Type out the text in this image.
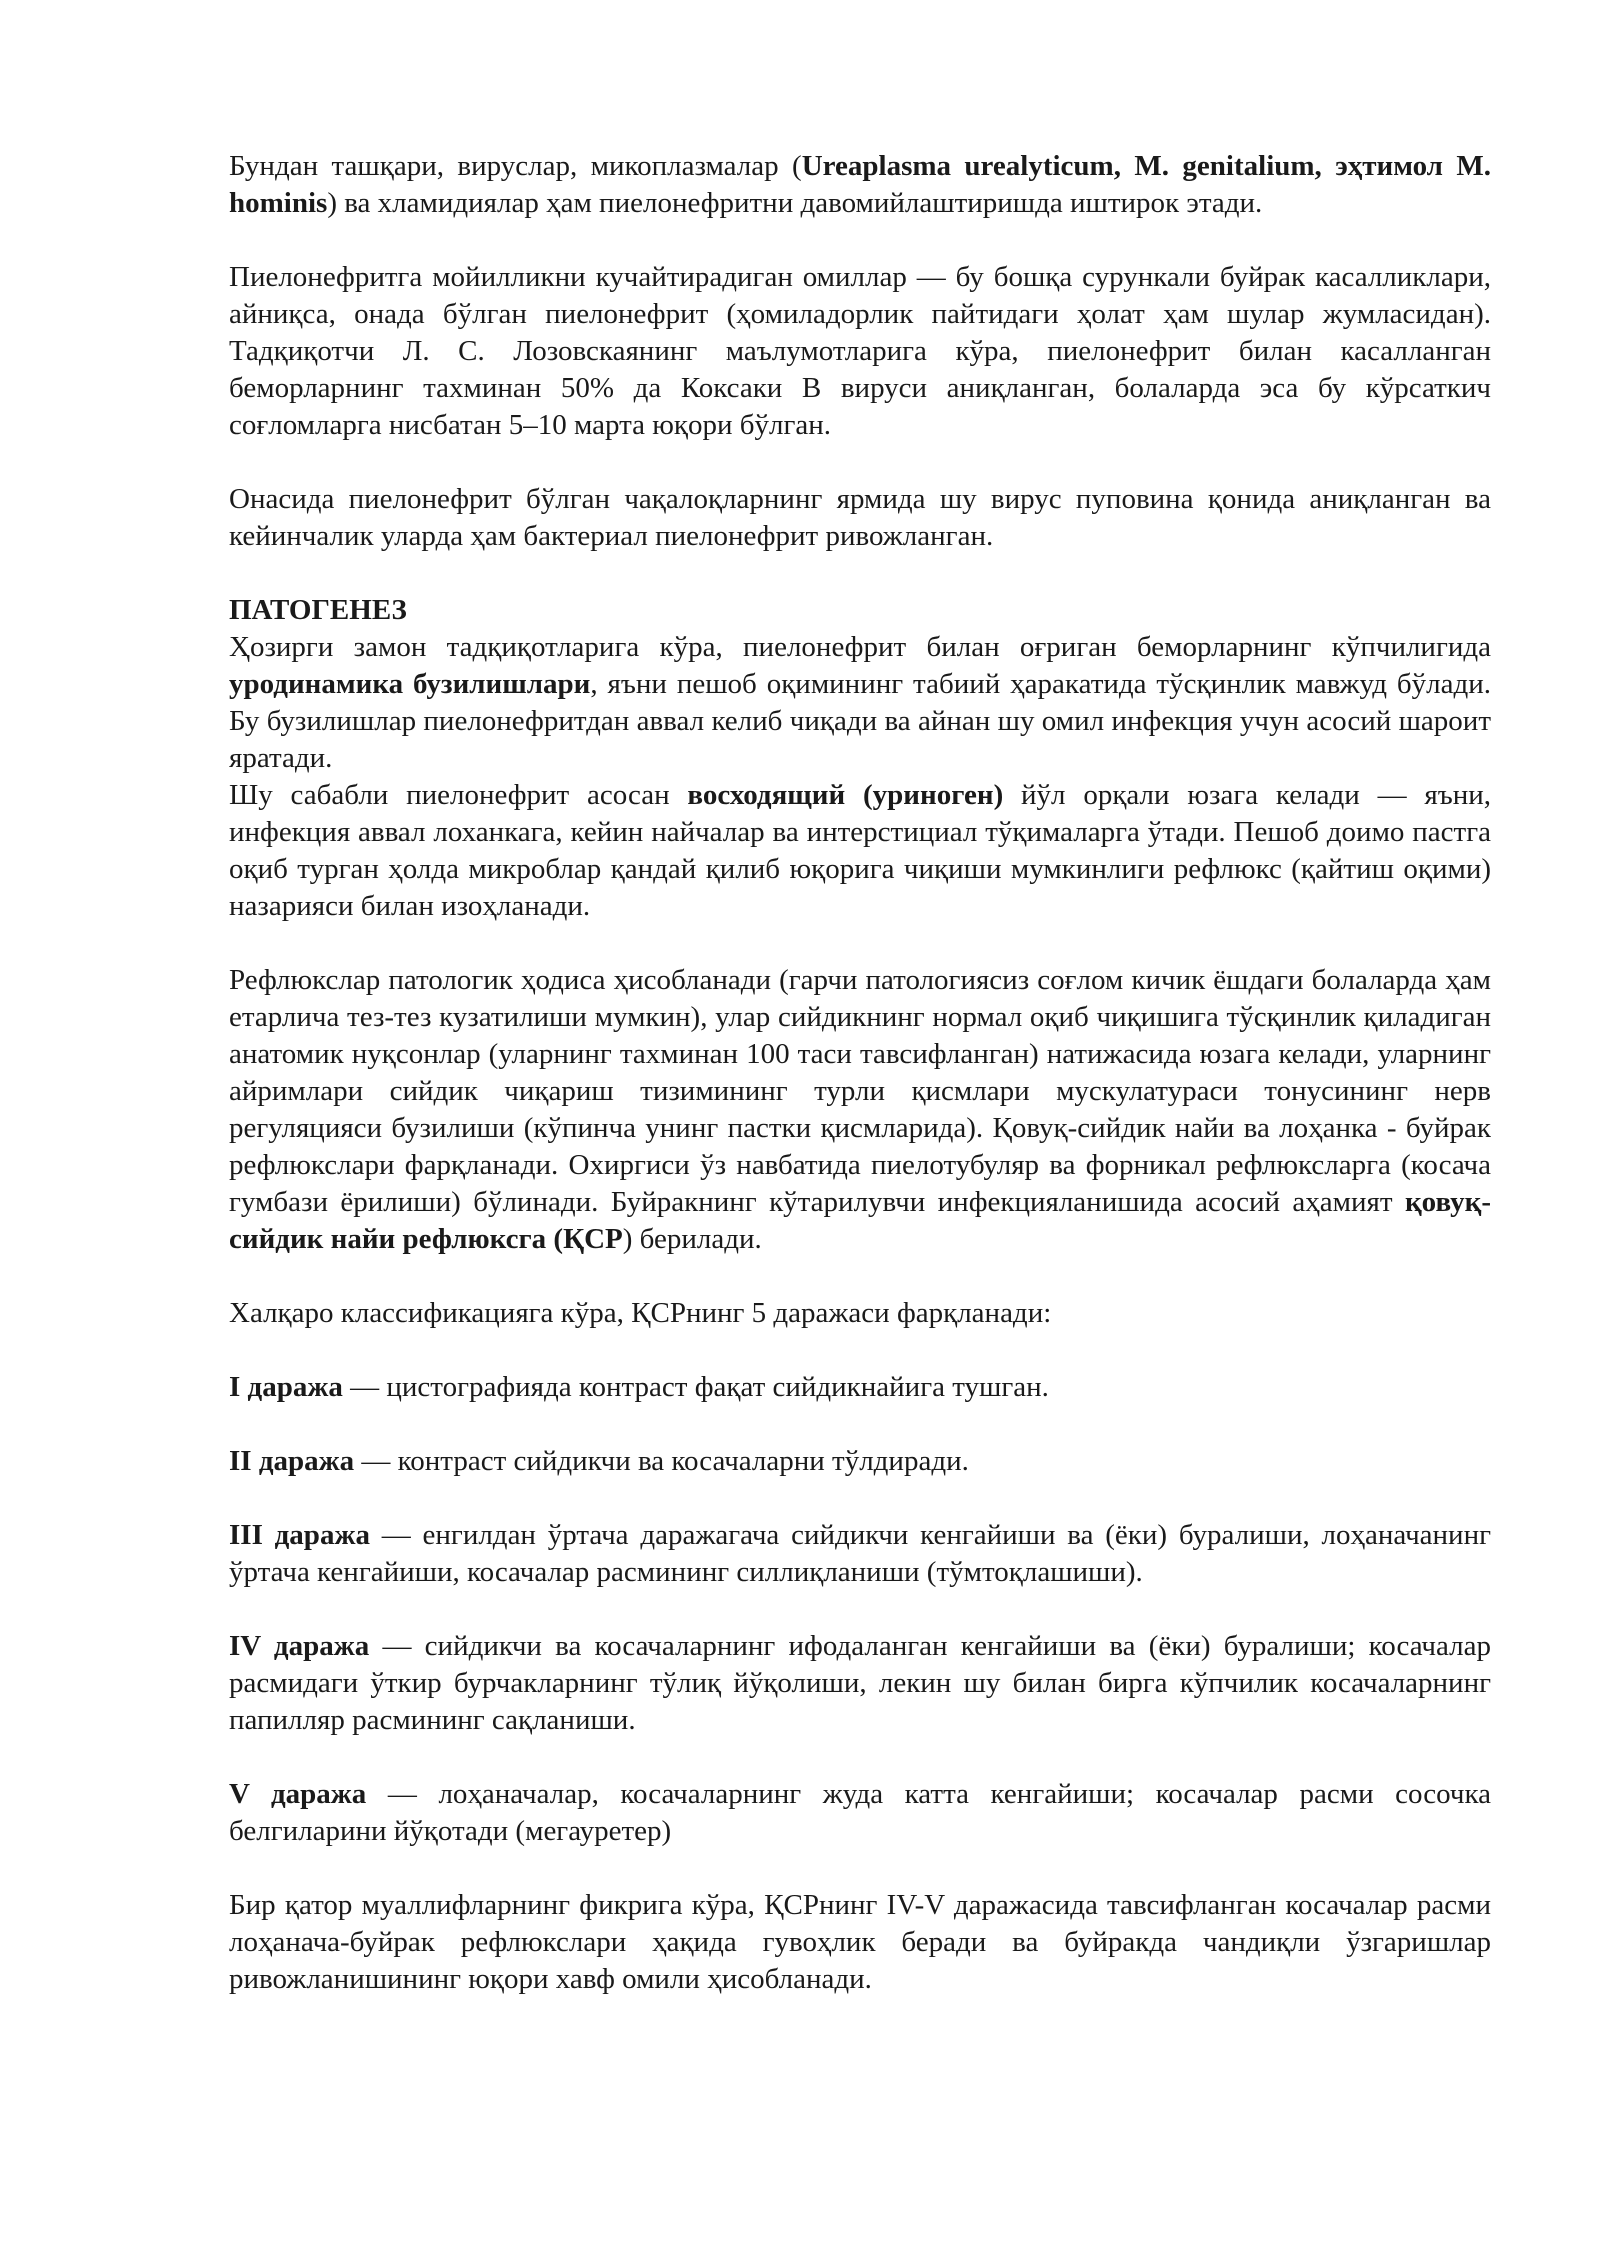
Бундан ташқари, вируслар, микоплазмалар (Ureaplasma urealyticum, M. genitalium, эҳтимол M. hominis) ва хламидиялар ҳам пиелонефритни давомийлаштиришда иштирок этади.

Пиелонефритга мойилликни кучайтирадиган омиллар — бу бошқа сурункали буйрак касалликлари, айниқса, онада бўлган пиелонефрит (ҳомиладорлик пайтидаги ҳолат ҳам шулар жумласидан). Тадқиқотчи Л. С. Лозовскаянинг маълумотларига кўра, пиелонефрит билан касалланган беморларнинг тахминан 50% да Коксаки B вируси аниқланган, болаларда эса бу кўрсаткич соғломларга нисбатан 5–10 марта юқори бўлган.

Онасида пиелонефрит бўлган чақалоқларнинг ярмида шу вирус пуповина қонида аниқланган ва кейинчалик уларда ҳам бактериал пиелонефрит ривожланган.

ПАТОГЕНЕЗ

Ҳозирги замон тадқиқотларига кўра, пиелонефрит билан оғриган беморларнинг кўпчилигида уродинамика бузилишлари, яъни пешоб оқимининг табиий ҳаракатида тўсқинлик мавжуд бўлади. Бу бузилишлар пиелонефритдан аввал келиб чиқади ва айнан шу омил инфекция учун асосий шароит яратади.

Шу сабабли пиелонефрит асосан восходящий (уриноген) йўл орқали юзага келади — яъни, инфекция аввал лоханкага, кейин найчалар ва интерстициал тўқималарга ўтади. Пешоб доимо пастга оқиб турган ҳолда микроблар қандай қилиб юқорига чиқиши мумкинлиги рефлюкс (қайтиш оқими) назарияси билан изоҳланади.

Рефлюкслар патологик ҳодиса ҳисобланади (гарчи патологиясиз соғлом кичик ёшдаги болаларда ҳам етарлича тез-тез кузатилиши мумкин), улар сийдикнинг нормал оқиб чиқишига тўсқинлик қиладиган анатомик нуқсонлар (уларнинг тахминан 100 таси тавсифланган) натижасида юзага келади, уларнинг айримлари сийдик чиқариш тизимининг турли қисмлари мускулатураси тонусининг нерв регуляцияси бузилиши (кўпинча унинг пастки қисмларида). Қовуқ-сийдик найи ва лоҳанка - буйрак рефлюкслари фарқланади. Охиргиси ўз навбатида пиелотубуляр ва форникал рефлюксларга (косача гумбази ёрилиши) бўлинади. Буйракнинг кўтарилувчи инфекцияланишида асосий аҳамият қовуқ-сийдик найи рефлюксга (ҚСР) берилади.

Халқаро классификацияга кўра, ҚСРнинг 5 даражаси фарқланади:

I даража — цистографияда контраст фақат сийдикнайига тушган.

II даража — контраст сийдикчи ва косачаларни тўлдиради.

III даража — енгилдан ўртача даражагача сийдикчи кенгайиши ва (ёки) буралиши, лоҳаначанинг ўртача кенгайиши, косачалар расмининг силлиқланиши (тўмтоқлашиши).

IV даража — сийдикчи ва косачаларнинг ифодаланган кенгайиши ва (ёки) буралиши; косачалар расмидаги ўткир бурчакларнинг тўлиқ йўқолиши, лекин шу билан бирга кўпчилик косачаларнинг папилляр расмининг сақланиши.

V даража — лоҳаначалар, косачаларнинг жуда катта кенгайиши; косачалар расми сосочка белгиларини йўқотади (мегауретер)

Бир қатор муаллифларнинг фикрига кўра, ҚСРнинг IV-V даражасида тавсифланган косачалар расми лоҳанача-буйрак рефлюкслари ҳақида гувоҳлик беради ва буйракда чандиқли ўзгаришлар ривожланишининг юқори хавф омили ҳисобланади.
